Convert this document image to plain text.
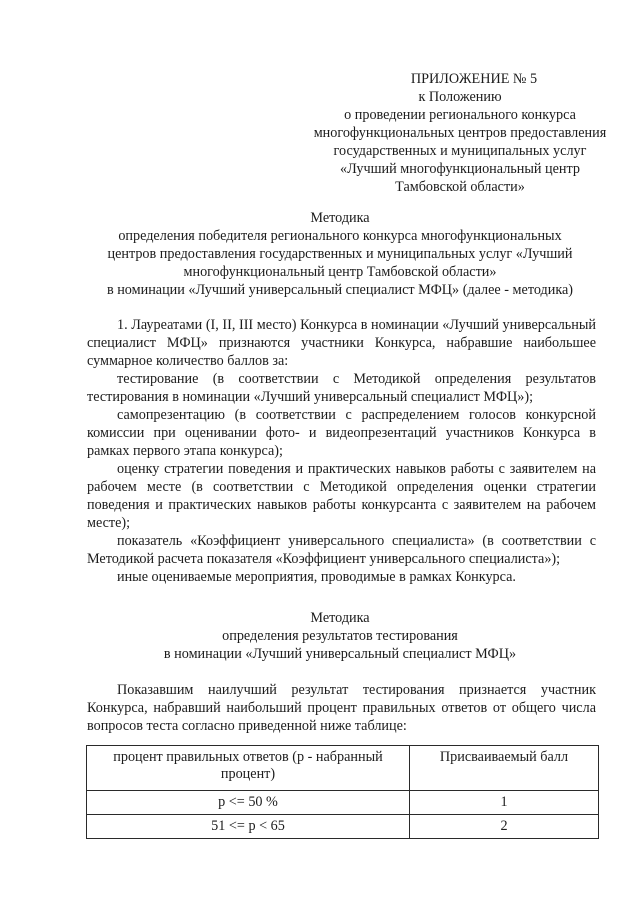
ПРИЛОЖЕНИЕ № 5
к Положению
о проведении регионального конкурса
многофункциональных центров предоставления
государственных и муниципальных услуг
«Лучший многофункциональный центр
Тамбовской области»
Методика
определения победителя регионального конкурса многофункциональных
центров предоставления государственных и муниципальных услуг «Лучший
многофункциональный центр Тамбовской области»
в номинации «Лучший универсальный специалист МФЦ» (далее - методика)
1. Лауреатами (I, II, III место) Конкурса в номинации «Лучший универсальный специалист МФЦ» признаются участники Конкурса, набравшие наибольшее суммарное количество баллов за:
тестирование (в соответствии с Методикой определения результатов тестирования в номинации «Лучший универсальный специалист МФЦ»);
самопрезентацию (в соответствии с распределением голосов конкурсной комиссии при оценивании фото- и видеопрезентаций участников Конкурса в рамках первого этапа конкурса);
оценку стратегии поведения и практических навыков работы с заявителем на рабочем месте (в соответствии с Методикой определения оценки стратегии поведения и практических навыков работы конкурсанта с заявителем на рабочем месте);
показатель «Коэффициент универсального специалиста» (в соответствии с Методикой расчета показателя «Коэффициент универсального специалиста»);
иные оцениваемые мероприятия, проводимые в рамках Конкурса.
Методика
определения результатов тестирования
в номинации «Лучший универсальный специалист МФЦ»
Показавшим наилучший результат тестирования признается участник Конкурса, набравший наибольший процент правильных ответов от общего числа вопросов теста согласно приведенной ниже таблице:
процент правильных ответов (р - набранный процент)	Присваиваемый балл
р <= 50 %	1
51 <= р < 65	2
